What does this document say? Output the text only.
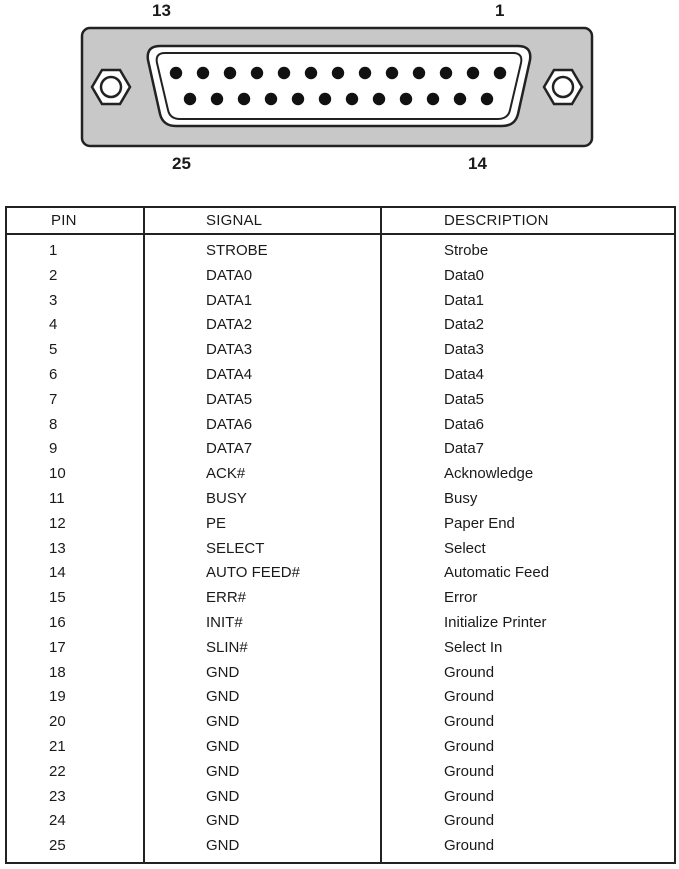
13	1
25	14
PIN	SIGNAL	DESCRIPTION
1	STROBE	Strobe
2	DATA0	Data0
3	DATA1	Data1
4	DATA2	Data2
5	DATA3	Data3
6	DATA4	Data4
7	DATA5	Data5
8	DATA6	Data6
9	DATA7	Data7
10	ACK#	Acknowledge
11	BUSY	Busy
12	PE	Paper End
13	SELECT	Select
14	AUTO FEED#	Automatic Feed
15	ERR#	Error
16	INIT#	Initialize Printer
17	SLIN#	Select In
18	GND	Ground
19	GND	Ground
20	GND	Ground
21	GND	Ground
22	GND	Ground
23	GND	Ground
24	GND	Ground
25	GND	Ground
